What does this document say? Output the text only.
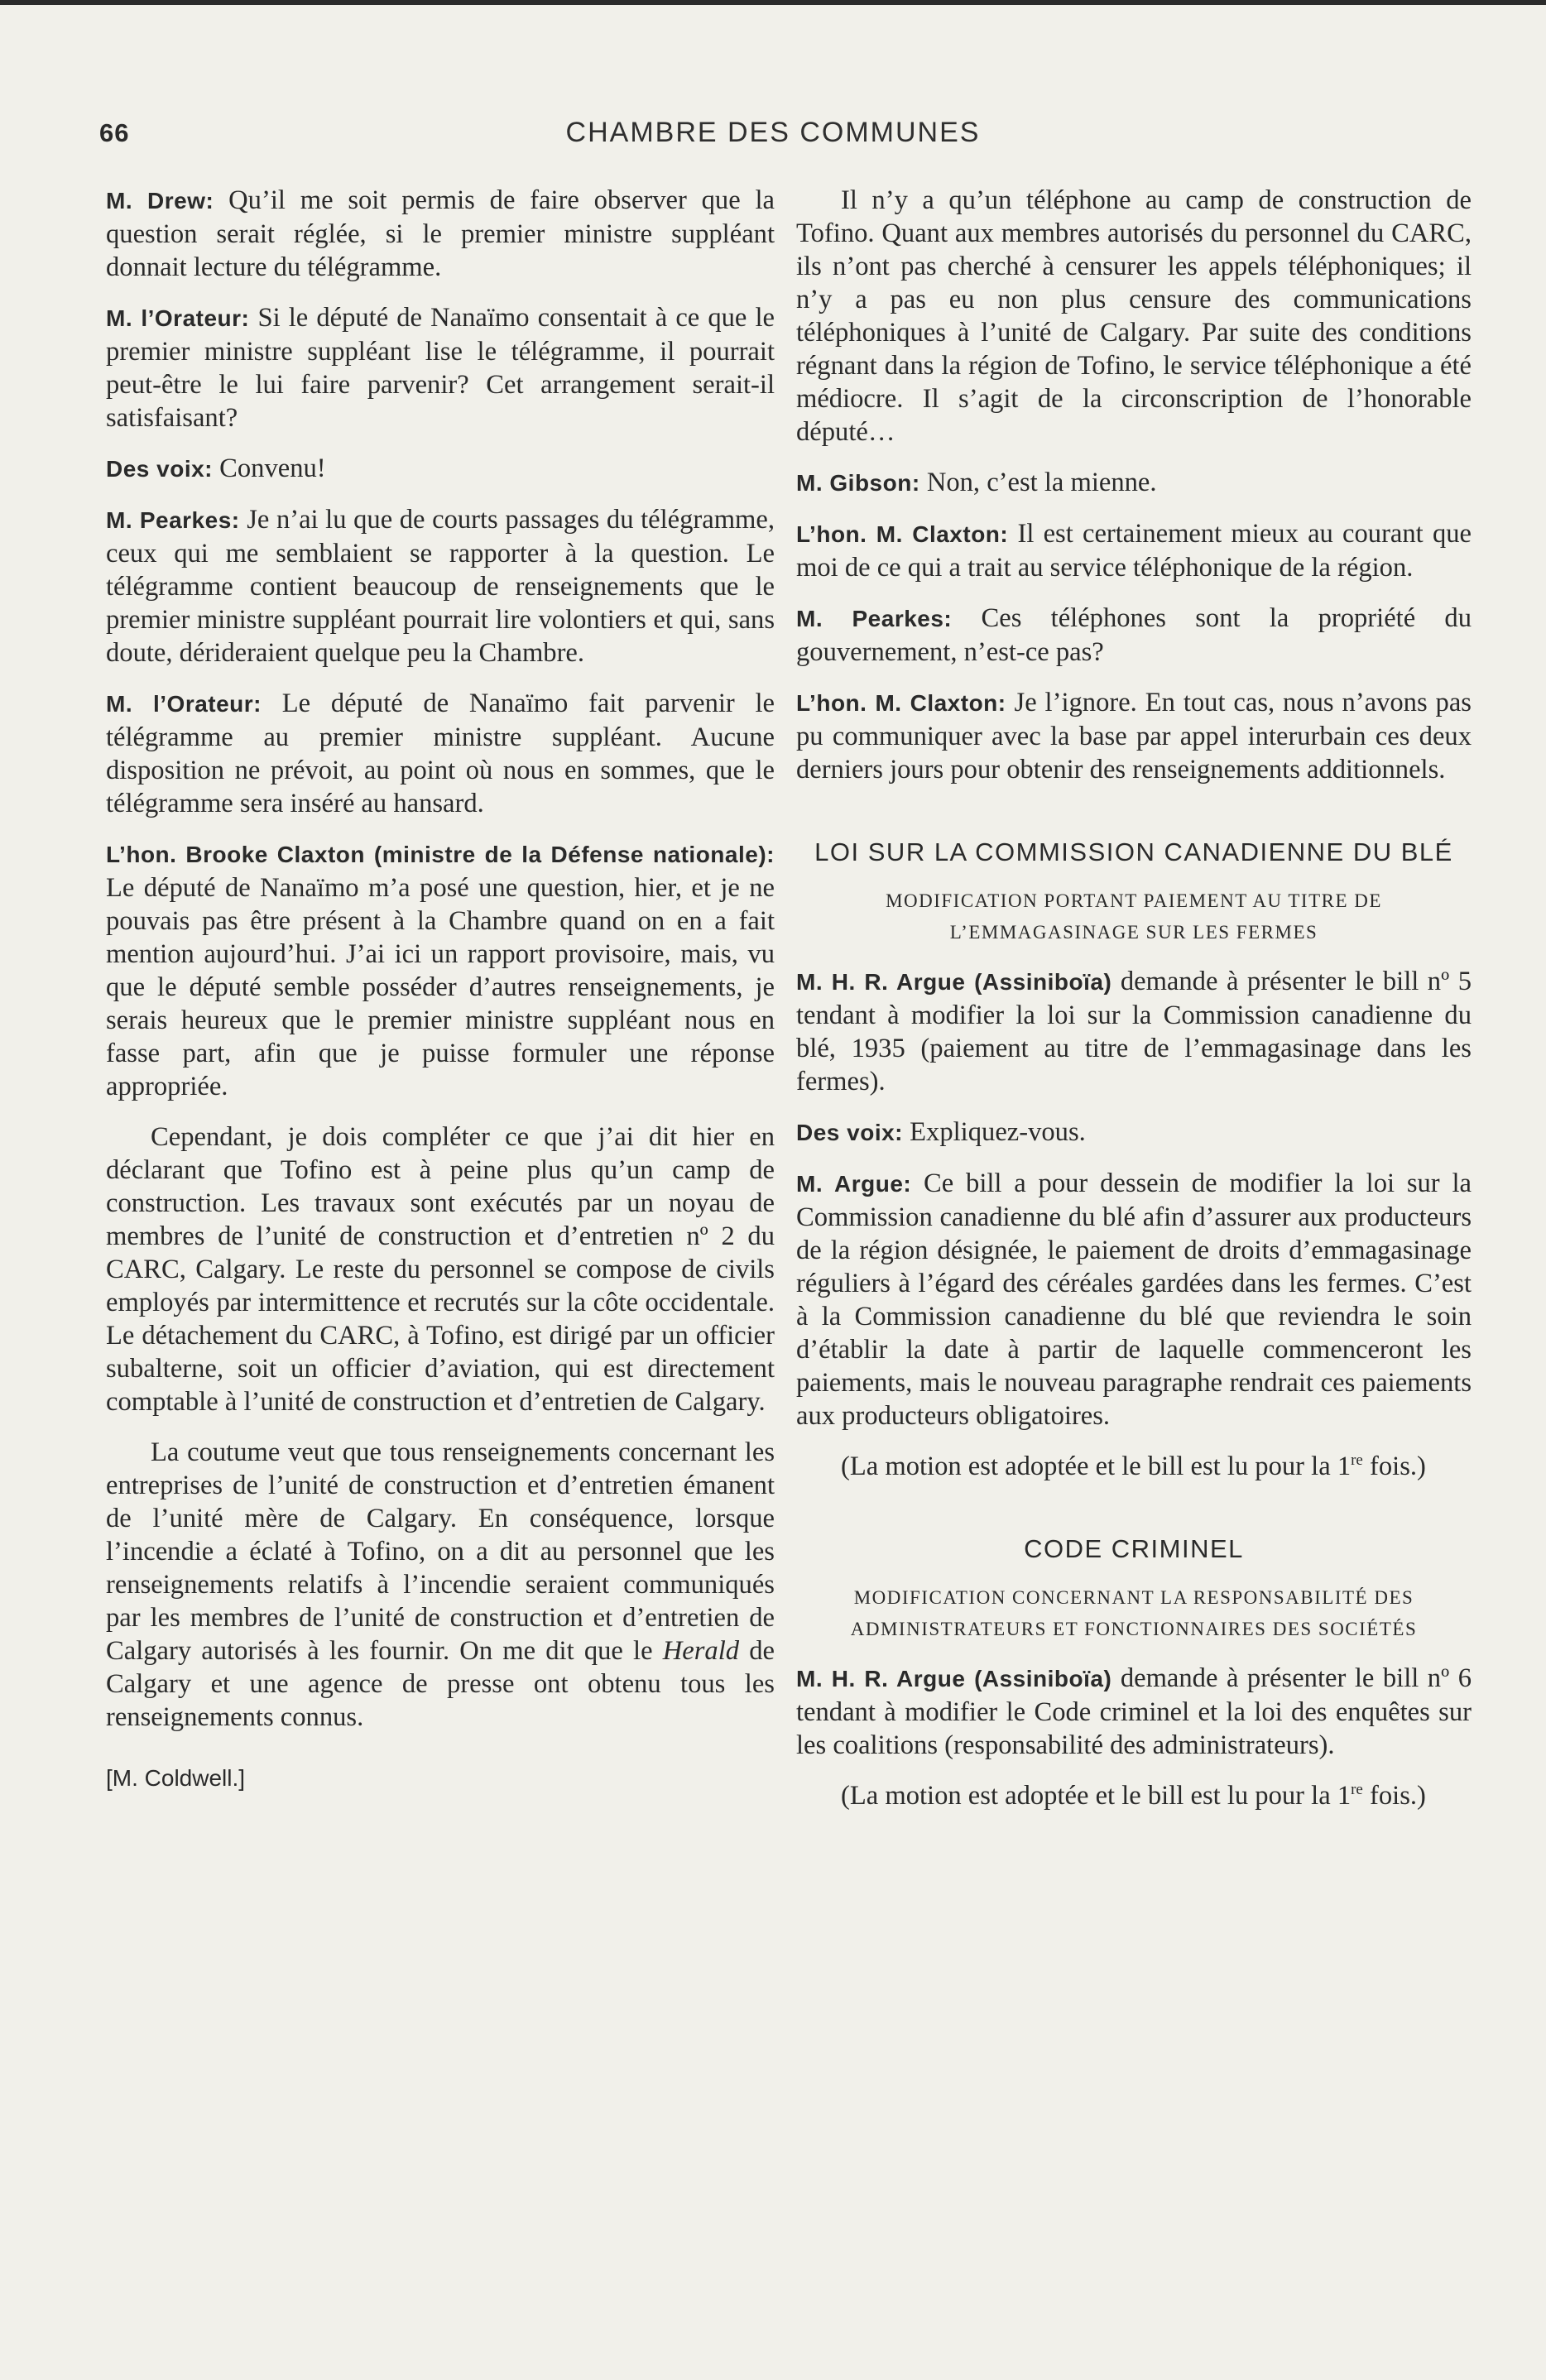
66	CHAMBRE DES COMMUNES

M. Drew: Qu’il me soit permis de faire observer que la question serait réglée, si le premier ministre suppléant donnait lecture du télégramme.

M. l’Orateur: Si le député de Nanaïmo consentait à ce que le premier ministre suppléant lise le télégramme, il pourrait peut-être le lui faire parvenir? Cet arrangement serait-il satisfaisant?

Des voix: Convenu!

M. Pearkes: Je n’ai lu que de courts passages du télégramme, ceux qui me semblaient se rapporter à la question. Le télégramme contient beaucoup de renseignements que le premier ministre suppléant pourrait lire volontiers et qui, sans doute, dérideraient quelque peu la Chambre.

M. l’Orateur: Le député de Nanaïmo fait parvenir le télégramme au premier ministre suppléant. Aucune disposition ne prévoit, au point où nous en sommes, que le télégramme sera inséré au hansard.

L’hon. Brooke Claxton (ministre de la Défense nationale): Le député de Nanaïmo m’a posé une question, hier, et je ne pouvais pas être présent à la Chambre quand on en a fait mention aujourd’hui. J’ai ici un rapport provisoire, mais, vu que le député semble posséder d’autres renseignements, je serais heureux que le premier ministre suppléant nous en fasse part, afin que je puisse formuler une réponse appropriée.

Cependant, je dois compléter ce que j’ai dit hier en déclarant que Tofino est à peine plus qu’un camp de construction. Les travaux sont exécutés par un noyau de membres de l’unité de construction et d’entretien nº 2 du CARC, Calgary. Le reste du personnel se compose de civils employés par intermittence et recrutés sur la côte occidentale. Le détachement du CARC, à Tofino, est dirigé par un officier subalterne, soit un officier d’aviation, qui est directement comptable à l’unité de construction et d’entretien de Calgary.

La coutume veut que tous renseignements concernant les entreprises de l’unité de construction et d’entretien émanent de l’unité mère de Calgary. En conséquence, lorsque l’incendie a éclaté à Tofino, on a dit au personnel que les renseignements relatifs à l’incendie seraient communiqués par les membres de l’unité de construction et d’entretien de Calgary autorisés à les fournir. On me dit que le Herald de Calgary et une agence de presse ont obtenu tous les renseignements connus.

[M. Coldwell.]

Il n’y a qu’un téléphone au camp de construction de Tofino. Quant aux membres autorisés du personnel du CARC, ils n’ont pas cherché à censurer les appels téléphoniques; il n’y a pas eu non plus censure des communications téléphoniques à l’unité de Calgary. Par suite des conditions régnant dans la région de Tofino, le service téléphonique a été médiocre. Il s’agit de la circonscription de l’honorable député…

M. Gibson: Non, c’est la mienne.

L’hon. M. Claxton: Il est certainement mieux au courant que moi de ce qui a trait au service téléphonique de la région.

M. Pearkes: Ces téléphones sont la propriété du gouvernement, n’est-ce pas?

L’hon. M. Claxton: Je l’ignore. En tout cas, nous n’avons pas pu communiquer avec la base par appel interurbain ces deux derniers jours pour obtenir des renseignements additionnels.

LOI SUR LA COMMISSION CANADIENNE DU BLÉ
MODIFICATION PORTANT PAIEMENT AU TITRE DE L’EMMAGASINAGE SUR LES FERMES

M. H. R. Argue (Assiniboïa) demande à présenter le bill nº 5 tendant à modifier la loi sur la Commission canadienne du blé, 1935 (paiement au titre de l’emmagasinage dans les fermes).

Des voix: Expliquez-vous.

M. Argue: Ce bill a pour dessein de modifier la loi sur la Commission canadienne du blé afin d’assurer aux producteurs de la région désignée, le paiement de droits d’emmagasinage réguliers à l’égard des céréales gardées dans les fermes. C’est à la Commission canadienne du blé que reviendra le soin d’établir la date à partir de laquelle commenceront les paiements, mais le nouveau paragraphe rendrait ces paiements aux producteurs obligatoires.

(La motion est adoptée et le bill est lu pour la 1re fois.)

CODE CRIMINEL
MODIFICATION CONCERNANT LA RESPONSABILITÉ DES ADMINISTRATEURS ET FONCTIONNAIRES DES SOCIÉTÉS

M. H. R. Argue (Assiniboïa) demande à présenter le bill nº 6 tendant à modifier le Code criminel et la loi des enquêtes sur les coalitions (responsabilité des administrateurs).

(La motion est adoptée et le bill est lu pour la 1re fois.)
